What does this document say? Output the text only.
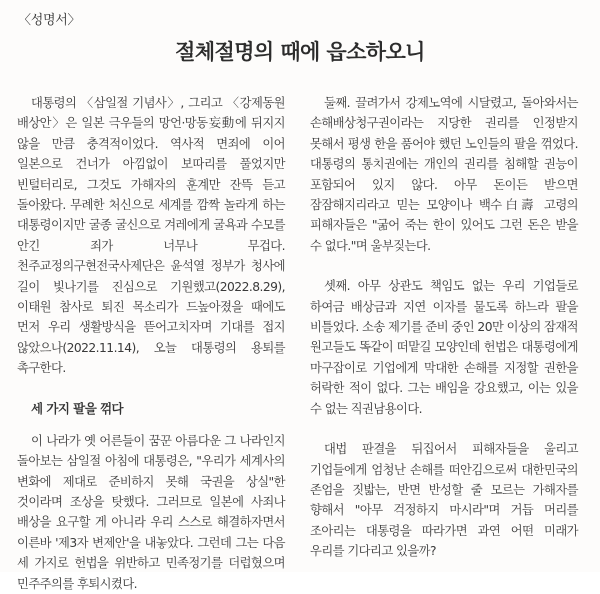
〈성명서〉
절체절명의 때에 읍소하오니

대통령의 〈삼일절 기념사〉, 그리고 〈강제동원 배상안〉은 일본 극우들의 망언·망동妄動에 뒤지지 않을 만큼 충격적이었다. 역사적 면죄에 이어 일본으로 건너가 아낌없이 보따리를 풀었지만 빈털터리로, 그것도 가해자의 훈계만 잔뜩 듣고 돌아왔다. 무례한 처신으로 세계를 깜짝 놀라게 하는 대통령이지만 굴종 굴신으로 겨레에게 굴욕과 수모를 안긴 죄가 너무나 무겁다. 천주교정의구현전국사제단은 윤석열 정부가 청사에 길이 빛나기를 진심으로 기원했고(2022.8.29), 이태원 참사로 퇴진 목소리가 드높아졌을 때에도 먼저 우리 생활방식을 뜯어고치자며 기대를 접지 않았으나(2022.11.14), 오늘 대통령의 용퇴를 촉구한다.

세 가지 팔을 꺾다

이 나라가 옛 어른들이 꿈꾼 아름다운 그 나라인지 돌아보는 삼일절 아침에 대통령은, "우리가 세계사의 변화에 제대로 준비하지 못해 국권을 상실"한 것이라며 조상을 탓했다. 그러므로 일본에 사죄나 배상을 요구할 게 아니라 우리 스스로 해결하자면서 이른바 '제3자 변제안'을 내놓았다. 그런데 그는 다음 세 가지로 헌법을 위반하고 민족정기를 더럽혔으며 민주주의를 후퇴시켰다.

둘째. 끌려가서 강제노역에 시달렸고, 돌아와서는 손해배상청구권이라는 지당한 권리를 인정받지 못해서 평생 한을 품어야 했던 노인들의 팔을 꺾었다. 대통령의 통치권에는 개인의 권리를 침해할 권능이 포함되어 있지 않다. 아무 돈이든 받으면 잠잠해지리라고 믿는 모양이나 백수白壽 고령의 피해자들은 "굶어 죽는 한이 있어도 그런 돈은 받을 수 없다."며 울부짖는다.

셋째. 아무 상관도 책임도 없는 우리 기업들로 하여금 배상금과 지연 이자를 물도록 하느라 팔을 비틀었다. 소송 제기를 준비 중인 20만 이상의 잠재적 원고들도 똑같이 떠맡길 모양인데 헌법은 대통령에게 마구잡이로 기업에게 막대한 손해를 지정할 권한을 허락한 적이 없다. 그는 배임을 강요했고, 이는 있을 수 없는 직권남용이다.

대법 판결을 뒤집어서 피해자들을 울리고 기업들에게 엄청난 손해를 떠안김으로써 대한민국의 존엄을 짓밟는, 반면 반성할 줄 모르는 가해자를 향해서 "아무 걱정하지 마시라"며 거듭 머리를 조아리는 대통령을 따라가면 과연 어떤 미래가 우리를 기다리고 있을까?
